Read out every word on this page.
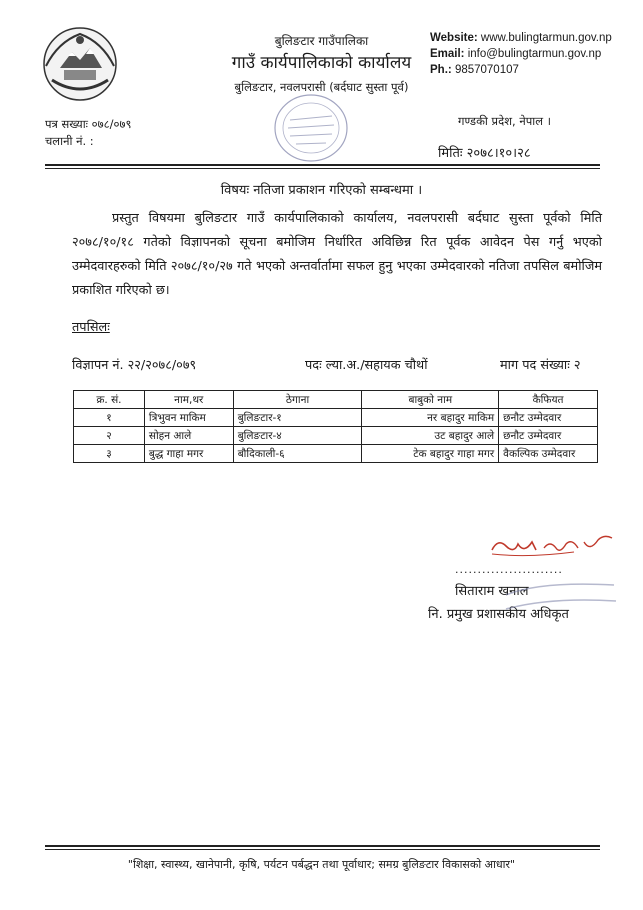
बुलिङटार गाउँपालिका
गाउँ कार्यपालिकाको कार्यालय
बुलिङटार, नवलपरासी (बर्दघाट सुस्ता पूर्व)
Website: www.bulingtarmun.gov.np
Email: info@bulingtarmun.gov.np
Ph.: 9857070107
पत्र सख्याः ०७८/०७९
चलानी नं. :
गण्डकी प्रदेश, नेपाल ।
मितिः २०७८।१०।२८
विषयः नतिजा प्रकाशन गरिएको सम्बन्धमा ।
प्रस्तुत विषयमा बुलिङटार गाउँ कार्यपालिकाको कार्यालय, नवलपरासी बर्दघाट सुस्ता पूर्वको मिति २०७८/१०/१८ गतेको विज्ञापनको सूचना बमोजिम निर्धारित अविछिन्न रित पूर्वक आवेदन पेस गर्नु भएको उम्मेदवारहरुको मिति २०७८/१०/२७ गते भएको अन्तर्वार्तामा सफल हुनु भएका उम्मेदवारको नतिजा तपसिल बमोजिम प्रकाशित गरिएको छ।
तपसिलः
विज्ञापन नं. २२/२०७८/०७९	पदः ल्या.अ./सहायक चौथों	माग पद संख्याः २
क्र. सं.	नाम,थर	ठेगाना	बाबुको नाम	कैफियत
१	त्रिभुवन माकिम	बुलिङटार-१	नर बहादुर माकिम	छनौट उम्मेदवार
२	सोहन आले	बुलिङटार-४	उट बहादुर आले	छनौट उम्मेदवार
३	बुद्ध गाहा मगर	बौदिकाली-६	टेक बहादुर गाहा मगर	वैकल्पिक उम्मेदवार
........................
सिताराम खनाल
नि. प्रमुख प्रशासकीय अधिकृत
"शिक्षा, स्वास्थ्य, खानेपानी, कृषि, पर्यटन पर्बद्धन तथा पूर्वाधार; समग्र बुलिङटार विकासको आधार"
